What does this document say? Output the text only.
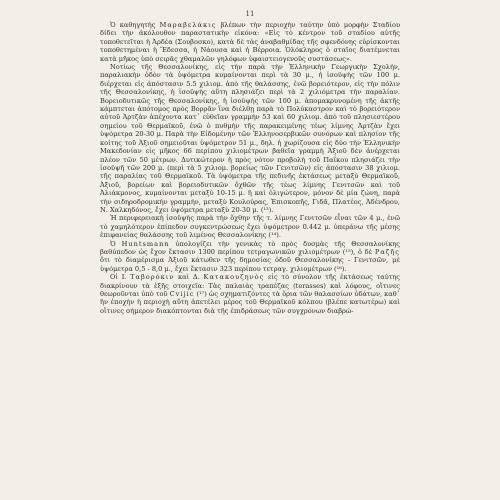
11

Ὁ καθηγητὴς Μαραβελάκις βλέπων τὴν περιοχὴν ταύτην ὑπὸ μορφὴν Σταδίου δίδει τὴν ἀκόλουθον παραστατικὴν εἰκόνα: «Εἰς τὸ κέντρον τοῦ σταδίου αὐτῆς τοποθετεῖται ἡ Ἀρδέα (Σουβοσκο), κατὰ δὲ τὰς ἀναβαθμίδας τῆς σφενδόνης εὑρίσκονται τοποθετημέναι ἡ Ἔδεσσα, ἡ Νάουσα καὶ ἡ Βέρροια. Ὁλόκληρος ὁ σταῖος διατέμνεται κατὰ μῆκος ὑπὸ σειρᾶς χθαμαλῶν γηλόφων ὑφαιστειογενοῦς συστάσεως».

Νοτίως τῆς Θεσσαλονίκης, εἰς τὴν παρὰ τὴν Ἑλληνικὴν Γεωργικὴν Σχολήν, παραλιακὴν ὁδὸν τὰ ὑψόμετρα κυμαίνονται περὶ τὰ 30 μ., ἡ ἰσοϋψὴς τῶν 100 μ. διέρχεται εἰς ἀπόστασιν 5.5 χιλιομ. ἀπὸ τῆς θαλάσσης, ἐνῶ βορειότερον, εἰς τὴν πόλιν τῆς Θεσσαλονίκης, ἡ ἰσοϋψὴς αὕτη πλησιάζει περὶ τὰ 2 χιλιόμετρα τὴν παραλίαν. Βορειοδυτικῶς τῆς Θεσσαλονίκης, ἡ ἰσοϋψὴς τῶν 100 μ. ἀπομακρυνομένη τῆς ἀκτῆς κάμπτεται ἀπότομος πρὸς Βορρᾶν ἵνα διέλθῃ παρὰ τὸ Πολύκαστρον καὶ τὸ βορειότερον αὐτοῦ Ἀρτζὰν ἀπέχοντα κατ᾽ εὐθεῖαν γραμμὴν 53 καὶ 60 χιλιομ. ἀπὸ τοῦ πλησιεστέρου σημείου τοῦ Θερμαϊκοῦ, ἐνῶ ὁ πυθμὴν τῆς παρακειμένης τέως λίμνης Ἀρτζὰν ἔχει ὑψόμετρα 20-30 μ. Παρὰ τὴν Εἰδομένην τῶν Ἑλληνοσερβικῶν συνόρων καὶ πλησίον τῆς κοίτης τοῦ Ἀξιοῦ σημειοῦται ὑψόμετρον 51 μ., δηλ. ἡ χωρίζουσα εἰς δύο τὴν Ἑλληνικὴν Μακεδονίαν εἰς μῆκος 66 περίπου χιλιομέτρων βαθεῖα γραμμὴ Ἀξιοῦ δὲν ἀνέρχεται πλέον τῶν 50 μέτρων. Δυτικώτερον ἡ πρὸς νότον προβολὴ τοῦ Παΐκου πλησιάζει τὴν ἰσοϋψῆ τῶν 200 μ. (περὶ τὰ 5 χιλιομ. βορείως τῶν Γενιτσῶν) εἰς ἀπόστασιν 38 χιλιομ. τῆς παραλίας τοῦ Θερμαϊκοῦ. Τὰ ὑψόμετρα τῆς πεδινῆς ἐκτάσεως μεταξὺ Θερμαϊκοῦ, Ἀξιοῦ, βορείων καὶ βορειοδυτικῶν ὄχθῶν τῆς τέως λίμνης Γενιτσῶν καὶ τοῦ Ἀλιάκμονος, κυμαίνονται μεταξὺ 10-15 μ. ἢ καὶ ὀλιγώτερον, μόνον δὲ μία ζώνη, παρὰ τὴν σιδηροδρομικὴν γραμμήν, μεταξὺ Κουλούρας, Ἐπισκοπῆς, Γιδᾶ, Πλατέος, Ἀδένδρου, Ν. Χαλκηδόνος, ἔχει ὑψόμετρα μεταξὺ 20-30 μ. (¹³).

Ἡ περιφερειακὴ ἰσοϋψὴς παρὰ τὴν ὄχθην τῆς τ. λίμνης Γενιτσῶν εἶναι τῶν 4 μ., ἐνῶ τὸ χαμηλότερον ἐπίπεδον συγκεντρώσεως ἔχει ὑψόμετρον 0.442 μ. ὑπεράνω τῆς μέσης ἐπιφανείας θαλάσσης τοῦ λιμένος Θεσσαλονίκης (¹⁴).

Ὁ Huntsmann ὑπολογίζει τὴν γενικὰς τὸ πρὸς δυσμὰς τῆς Θεσσαλονίκης βαθύπεδον ὡς ἔχον ἔκτασιν 1300 περίπου τετραγωνικῶν χιλιομέτρων (¹⁵), ὁ δὲ Ραζῆς ὅτι τὸ διαμέρισμα Ἀξιοῦ κάτωθεν τῆς δημοσίας ὁδοῦ Θεσσαλονίκης - Γενιτσῶν, μὲ ὑψόμετρα 0,5 - 8,0 μ., ἔχει ἔκτασιν 323 περίπου τετραγ. χιλιομέτρων (¹⁶).

Οἱ Ι. Ταβορόκιν καὶ Δ. Κατακουζηνὸς εἰς τὸ σύνολον τῆς ἐκτάσεως ταύτης διακρίνουν τὰ ἑξῆς στοιχεῖα: Τὰς παλαιὰς τραπέζας (terasses) καὶ λόφους, οἵτινες θεωροῦνται ὑπὸ τοῦ Cvijic (¹⁷) ὡς σχηματιζόντες τὰ ὄρια τῶν θαλασσίων ὑδάτων, καθ᾽ ἣν ἐποχὴν ἡ περιοχὴ αὕτη ἀπετέλει μέρος τοῦ Θερμαϊκοῦ κόλπου (βλέπε κατωτέρω) καὶ οἵτινες σήμερον διακόπτονται διὰ τῆς ἐπιδράσεως τῶν συγχρόνων διαβρώ-
